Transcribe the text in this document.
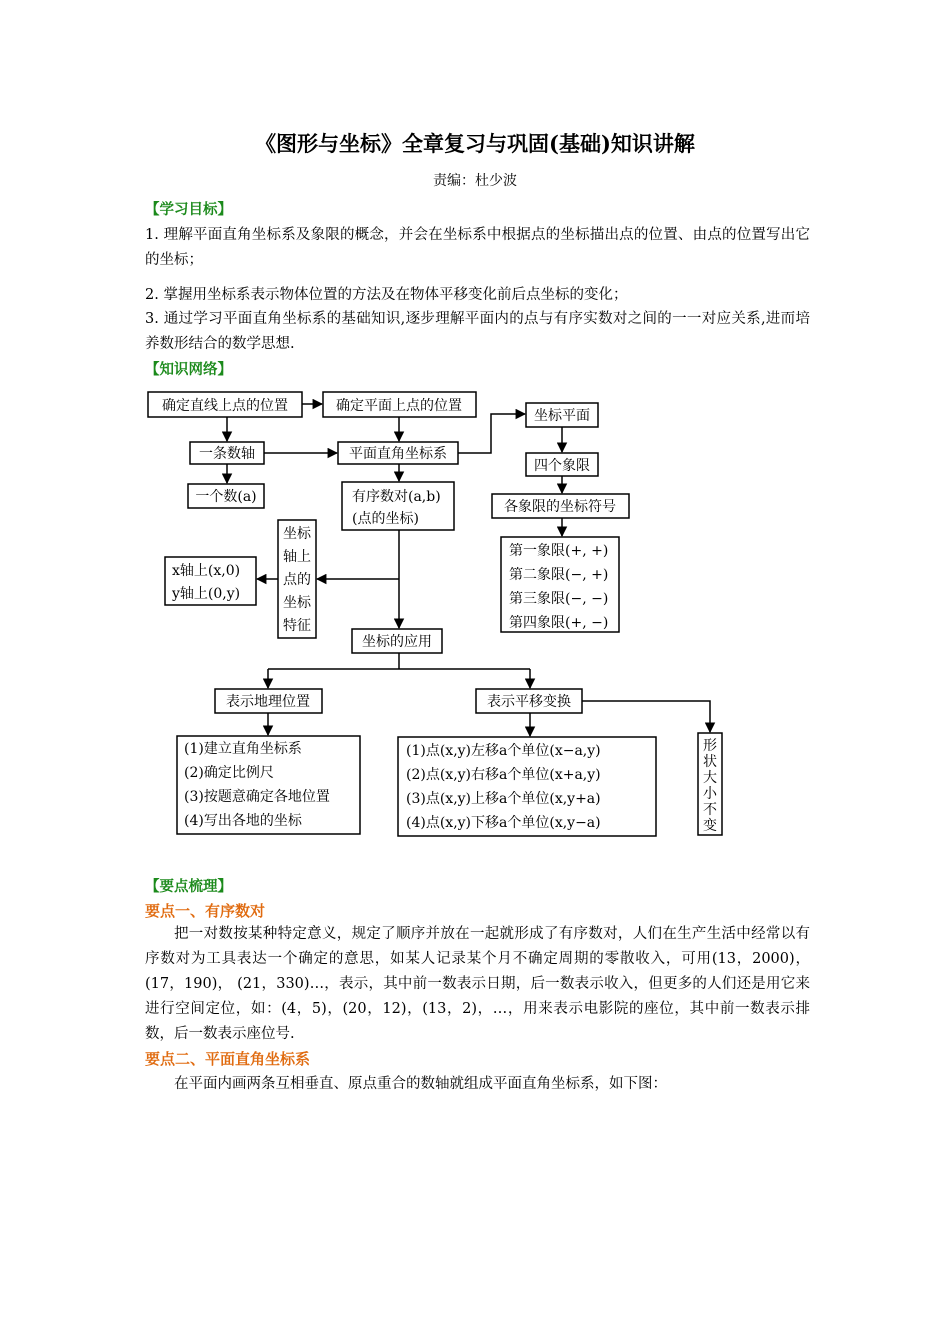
《图形与坐标》全章复习与巩固(基础)知识讲解
责编：杜少波
【学习目标】
1. 理解平面直角坐标系及象限的概念，并会在坐标系中根据点的坐标描出点的位置、由点的位置写出它的坐标；
2. 掌握用坐标系表示物体位置的方法及在物体平移变化前后点坐标的变化；
3. 通过学习平面直角坐标系的基础知识,逐步理解平面内的点与有序实数对之间的一一对应关系,进而培养数形结合的数学思想.
【知识网络】
确定直线上点的位置	确定平面上点的位置
坐标平面
一条数轴	平面直角坐标系
四个象限
一个数(a)	有序数对(a,b)
(点的坐标)
各象限的坐标符号
第一象限(+, +)
第二象限(−, +)
第三象限(−, −)
第四象限(+, −)
坐标
轴上
点的
坐标
特征
x轴上(x,0)
y轴上(0,y)
坐标的应用
表示地理位置	表示平移变换
(1)建立直角坐标系
(2)确定比例尺
(3)按题意确定各地位置
(4)写出各地的坐标
(1)点(x,y)左移a个单位(x−a,y)
(2)点(x,y)右移a个单位(x+a,y)
(3)点(x,y)上移a个单位(x,y+a)
(4)点(x,y)下移a个单位(x,y−a)
形
状
大
小
不
变
【要点梳理】
要点一、有序数对
把一对数按某种特定意义，规定了顺序并放在一起就形成了有序数对，人们在生产生活中经常以有序数对为工具表达一个确定的意思，如某人记录某个月不确定周期的零散收入，可用(13，2000)， (17，190)， (21，330)…，表示，其中前一数表示日期，后一数表示收入，但更多的人们还是用它来进行空间定位，如：(4，5)，(20，12)，(13，2)，…，用来表示电影院的座位，其中前一数表示排数，后一数表示座位号.
要点二、平面直角坐标系
在平面内画两条互相垂直、原点重合的数轴就组成平面直角坐标系，如下图：
